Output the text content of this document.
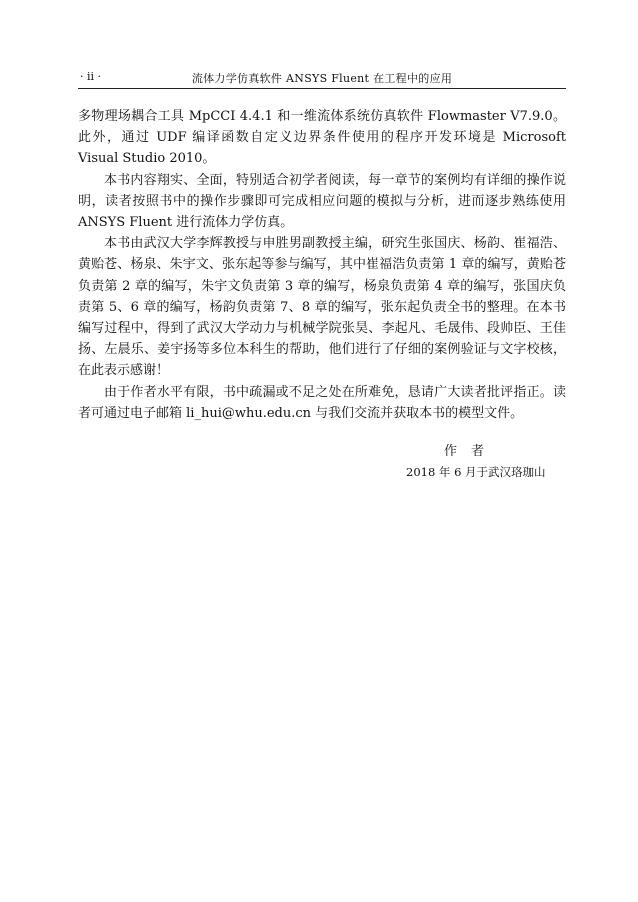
· ii ·	流体力学仿真软件 ANSYS Fluent 在工程中的应用

多物理场耦合工具 MpCCI 4.4.1 和一维流体系统仿真软件 Flowmaster V7.9.0。此外，通过 UDF 编译函数自定义边界条件使用的程序开发环境是 Microsoft Visual Studio 2010。

本书内容翔实、全面，特别适合初学者阅读，每一章节的案例均有详细的操作说明，读者按照书中的操作步骤即可完成相应问题的模拟与分析，进而逐步熟练使用 ANSYS Fluent 进行流体力学仿真。

本书由武汉大学李辉教授与申胜男副教授主编，研究生张国庆、杨韵、崔福浩、黄贻苍、杨泉、朱宇文、张东起等参与编写，其中崔福浩负责第 1 章的编写，黄贻苍负责第 2 章的编写，朱宇文负责第 3 章的编写，杨泉负责第 4 章的编写，张国庆负责第 5、6 章的编写，杨韵负责第 7、8 章的编写，张东起负责全书的整理。在本书编写过程中，得到了武汉大学动力与机械学院张昊、李起凡、毛晟伟、段帅臣、王佳扬、左晨乐、姜宇扬等多位本科生的帮助，他们进行了仔细的案例验证与文字校核，在此表示感谢！

由于作者水平有限，书中疏漏或不足之处在所难免，恳请广大读者批评指正。读者可通过电子邮箱 li_hui@whu.edu.cn 与我们交流并获取本书的模型文件。

作者
2018 年 6 月于武汉珞珈山
